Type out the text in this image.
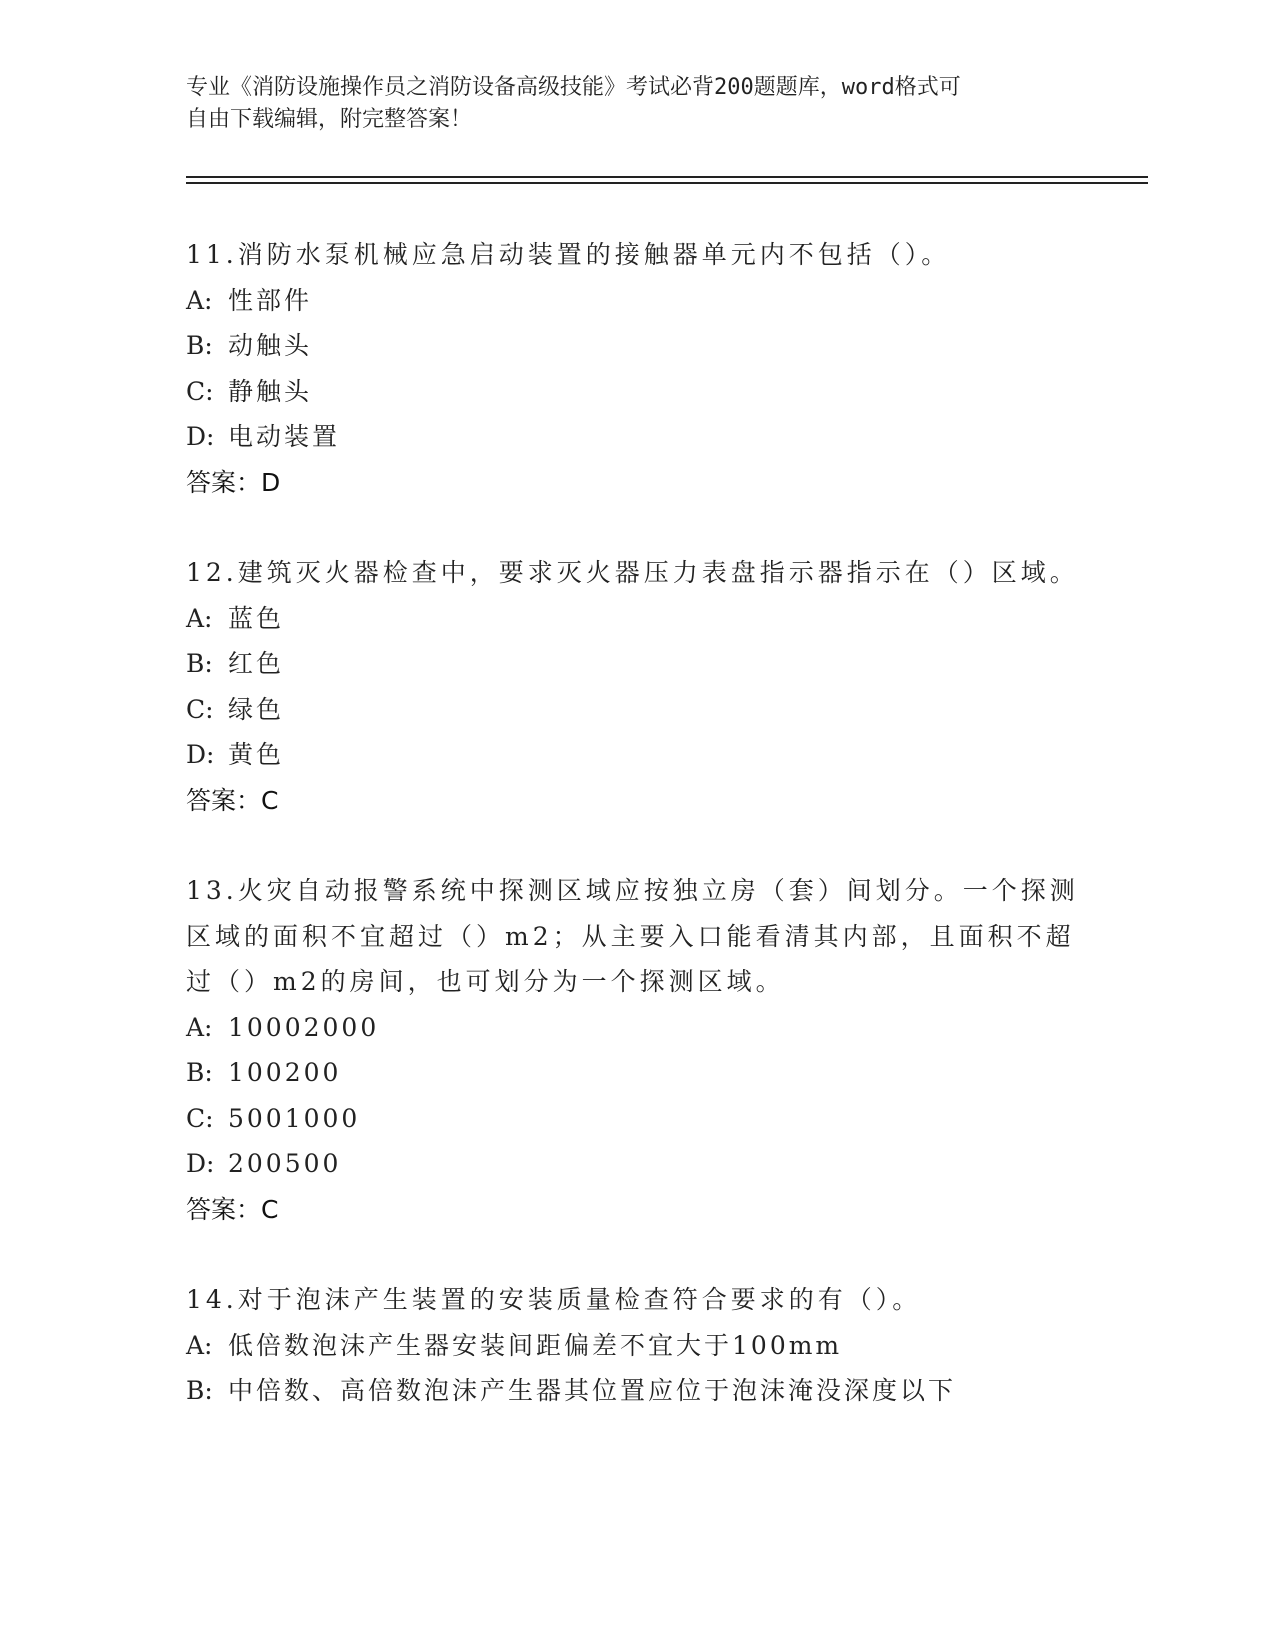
专业《消防设施操作员之消防设备高级技能》考试必背200题题库，word格式可
自由下载编辑，附完整答案！

11.消防水泵机械应急启动装置的接触器单元内不包括（）。

A: 性部件

B: 动触头

C: 静触头

D: 电动装置

答案：D

12.建筑灭火器检查中，要求灭火器压力表盘指示器指示在（）区域。

A: 蓝色

B: 红色

C: 绿色

D: 黄色

答案：C

13.火灾自动报警系统中探测区域应按独立房（套）间划分。一个探测区域的面积不宜超过（）m2；从主要入口能看清其内部，且面积不超过（）m2的房间，也可划分为一个探测区域。

A: 10002000

B: 100200

C: 5001000

D: 200500

答案：C

14.对于泡沫产生装置的安装质量检查符合要求的有（）。

A: 低倍数泡沫产生器安装间距偏差不宜大于100mm

B: 中倍数、高倍数泡沫产生器其位置应位于泡沫淹没深度以下
